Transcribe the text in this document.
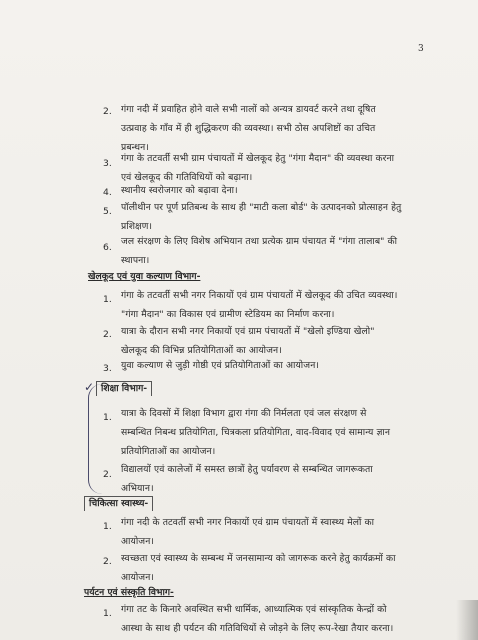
3
2. गंगा नदी में प्रवाहित होने वाले सभी नालों को अन्यत्र डायवर्ट करने तथा दूषित
उत्प्रवाह के गाँव में ही शुद्धिकरण की व्यवस्था। सभी ठोस अपशिष्टों का उचित
प्रबन्धन।
3. गंगा के तटवर्ती सभी ग्राम पंचायतों में खेलकूद हेतु "गंगा मैदान" की व्यवस्था करना
एवं खेलकूद की गतिविधियों को बढ़ाना।
4. स्थानीय स्वरोजगार को बढ़ावा देना।
5. पॉलीथीन पर पूर्ण प्रतिबन्ध के साथ ही "माटी कला बोर्ड" के उत्पादनको प्रोत्साहन हेतु
प्रशिक्षण।
6.
जल संरक्षण के लिए विशेष अभियान तथा प्रत्येक ग्राम पंचायत में "गंगा तालाब" की
स्थापना।
खेलकूद एवं युवा कल्याण विभाग-
1. गंगा के तटवर्ती सभी नगर निकायों एवं ग्राम पंचायतों में खेलकूद की उचित व्यवस्था।
"गंगा मैदान" का विकास एवं ग्रामीण स्टेडियम का निर्माण करना।
2. यात्रा के दौरान सभी नगर निकायों एवं ग्राम पंचायतों में "खेलो इण्डिया खेलो"
खेलकूद की विभिन्न प्रतियोगिताओं का आयोजन।
3. युवा कल्याण से जुड़ी गोष्ठी एवं प्रतियोगिताओं का आयोजन।
✓ शिक्षा विभाग-
1. यात्रा के दिवसों में शिक्षा विभाग द्वारा गंगा की निर्मलता एवं जल संरक्षण से
सम्बन्धित निबन्ध प्रतियोगिता, चित्रकला प्रतियोगिता, वाद-विवाद एवं सामान्य ज्ञान
प्रतियोगिताओं का आयोजन।
2. विद्यालयों एवं कालेजों में समस्त छात्रों हेतु पर्यावरण से सम्बन्धित जागरूकता
अभियान।
चिकित्सा स्वास्थ्य-
1. गंगा नदी के तटवर्ती सभी नगर निकायों एवं ग्राम पंचायतों में स्वास्थ्य मेलों का
आयोजन।
2. स्वच्छता एवं स्वास्थ्य के सम्बन्ध में जनसामान्य को जागरूक करने हेतु कार्यक्रमों का
आयोजन।
पर्यटन एवं संस्कृति विभाग-
1. गंगा तट के किनारे अवस्थित सभी धार्मिक, आध्यात्मिक एवं सांस्कृतिक केन्द्रों को
आस्था के साथ ही पर्यटन की गतिविधियों से जोड़ने के लिए रूप-रेखा तैयार करना।
